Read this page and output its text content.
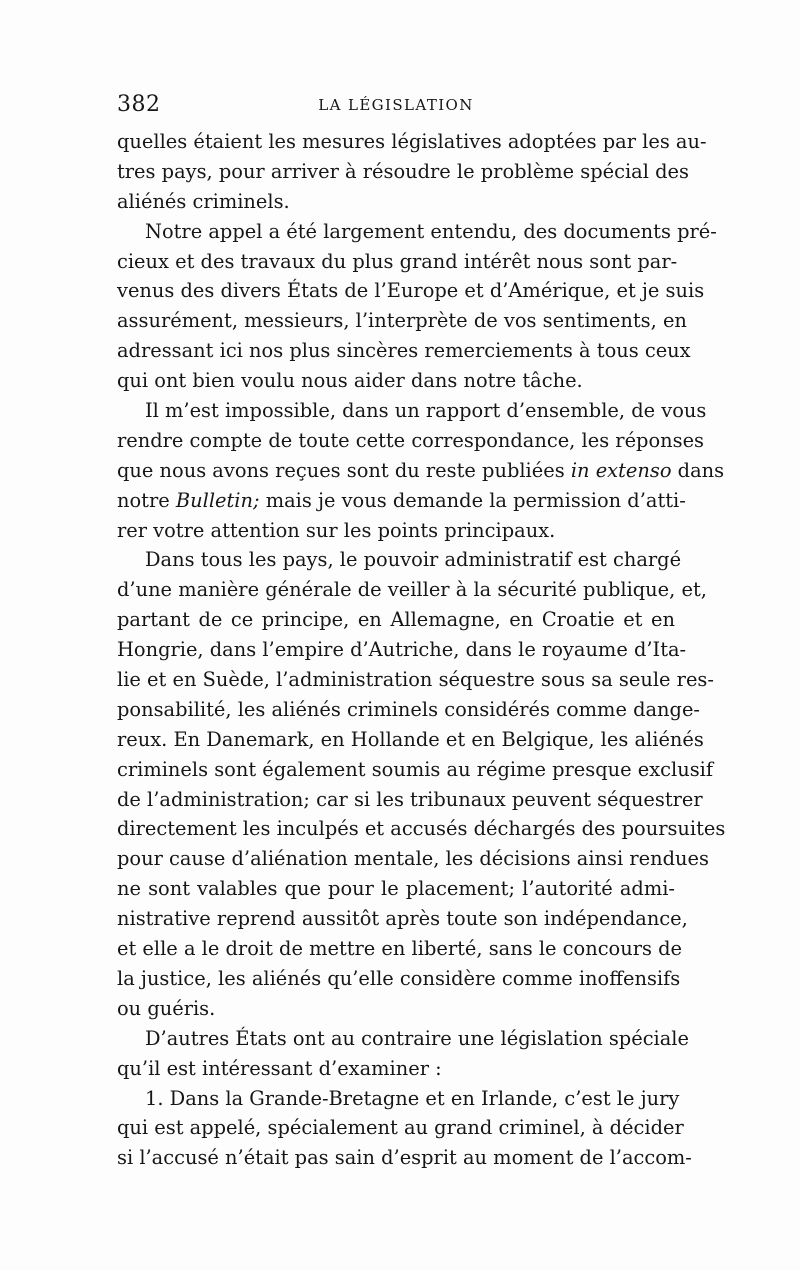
382	LA LÉGISLATION
quelles étaient les mesures législatives adoptées par les au-
tres pays, pour arriver à résoudre le problème spécial des
aliénés criminels.
Notre appel a été largement entendu, des documents pré-
cieux et des travaux du plus grand intérêt nous sont par-
venus des divers États de l’Europe et d’Amérique, et je suis
assurément, messieurs, l’interprète de vos sentiments, en
adressant ici nos plus sincères remerciements à tous ceux
qui ont bien voulu nous aider dans notre tâche.
Il m’est impossible, dans un rapport d’ensemble, de vous
rendre compte de toute cette correspondance, les réponses
que nous avons reçues sont du reste publiées in extenso dans
notre Bulletin; mais je vous demande la permission d’atti-
rer votre attention sur les points principaux.
Dans tous les pays, le pouvoir administratif est chargé
d’une manière générale de veiller à la sécurité publique, et,
partant de ce principe, en Allemagne, en Croatie et en
Hongrie, dans l’empire d’Autriche, dans le royaume d’Ita-
lie et en Suède, l’administration séquestre sous sa seule res-
ponsabilité, les aliénés criminels considérés comme dange-
reux. En Danemark, en Hollande et en Belgique, les aliénés
criminels sont également soumis au régime presque exclusif
de l’administration; car si les tribunaux peuvent séquestrer
directement les inculpés et accusés déchargés des poursuites
pour cause d’aliénation mentale, les décisions ainsi rendues
ne sont valables que pour le placement; l’autorité admi-
nistrative reprend aussitôt après toute son indépendance,
et elle a le droit de mettre en liberté, sans le concours de
la justice, les aliénés qu’elle considère comme inoffensifs
ou guéris.
D’autres États ont au contraire une législation spéciale
qu’il est intéressant d’examiner :
1. Dans la Grande-Bretagne et en Irlande, c’est le jury
qui est appelé, spécialement au grand criminel, à décider
si l’accusé n’était pas sain d’esprit au moment de l’accom-
